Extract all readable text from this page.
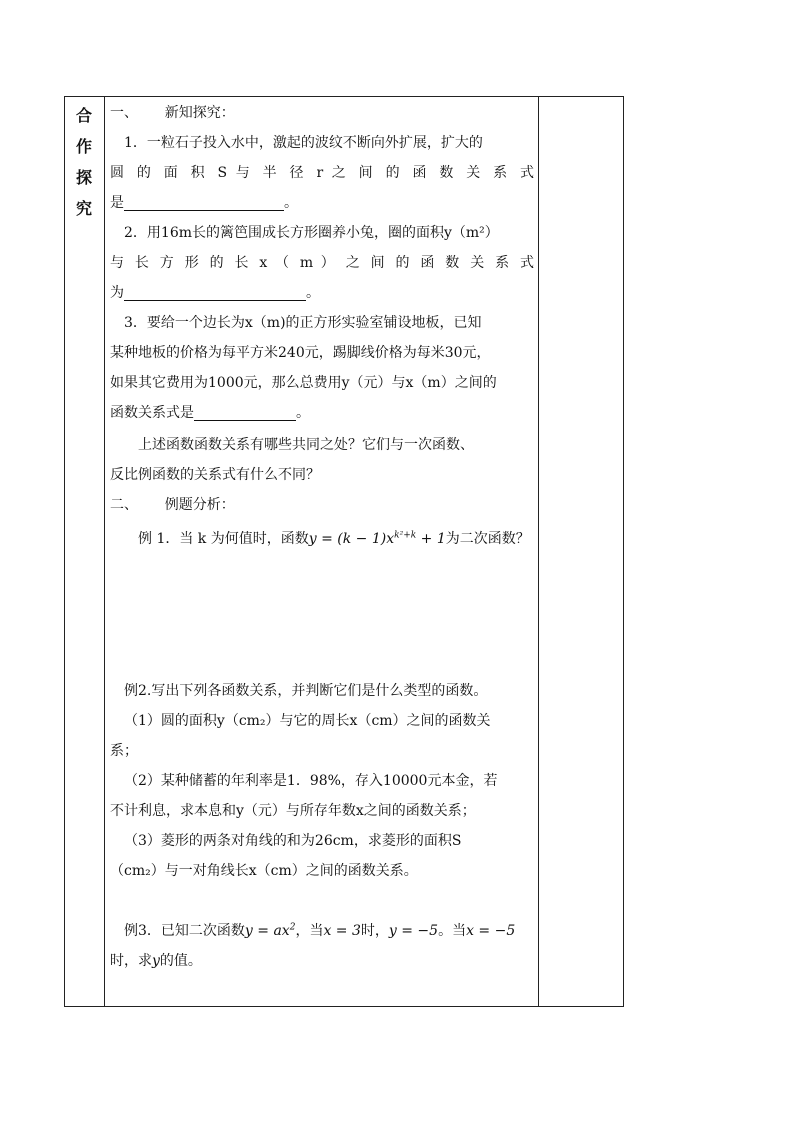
合
作
探
究

一、      新知探究：

1．一粒石子投入水中，激起的波纹不断向外扩展，扩大的

圆 的 面 积 S 与 半 径 r 之 间 的 函 数 关 系 式

是	。

2．用16m长的篱笆围成长方形圈养小兔，圈的面积y（m²）

与 长 方 形 的 长 x （ m ） 之 间 的 函 数 关 系 式

为	。

3．要给一个边长为x（m)的正方形实验室铺设地板，已知

某种地板的价格为每平方米240元，踢脚线价格为每米30元，

如果其它费用为1000元，那么总费用y（元）与x（m）之间的

函数关系式是	。

上述函数函数关系有哪些共同之处？它们与一次函数、

反比例函数的关系式有什么不同？

二、      例题分析：

例 1．当 k 为何值时，函数$y = (k - 1)x^{k^2+k} + 1$为二次函数？

例2.写出下列各函数关系，并判断它们是什么类型的函数。

（1）圆的面积y（cm₂）与它的周长x（cm）之间的函数关

系；

（2）某种储蓄的年利率是1．98%，存入10000元本金，若

不计利息，求本息和y（元）与所存年数x之间的函数关系；

（3）菱形的两条对角线的和为26cm，求菱形的面积S

（cm₂）与一对角线长x（cm）之间的函数关系。

例3．已知二次函数$y = ax^2$，当x = 3时，y = −5。当x = −5

时，求y的值。
